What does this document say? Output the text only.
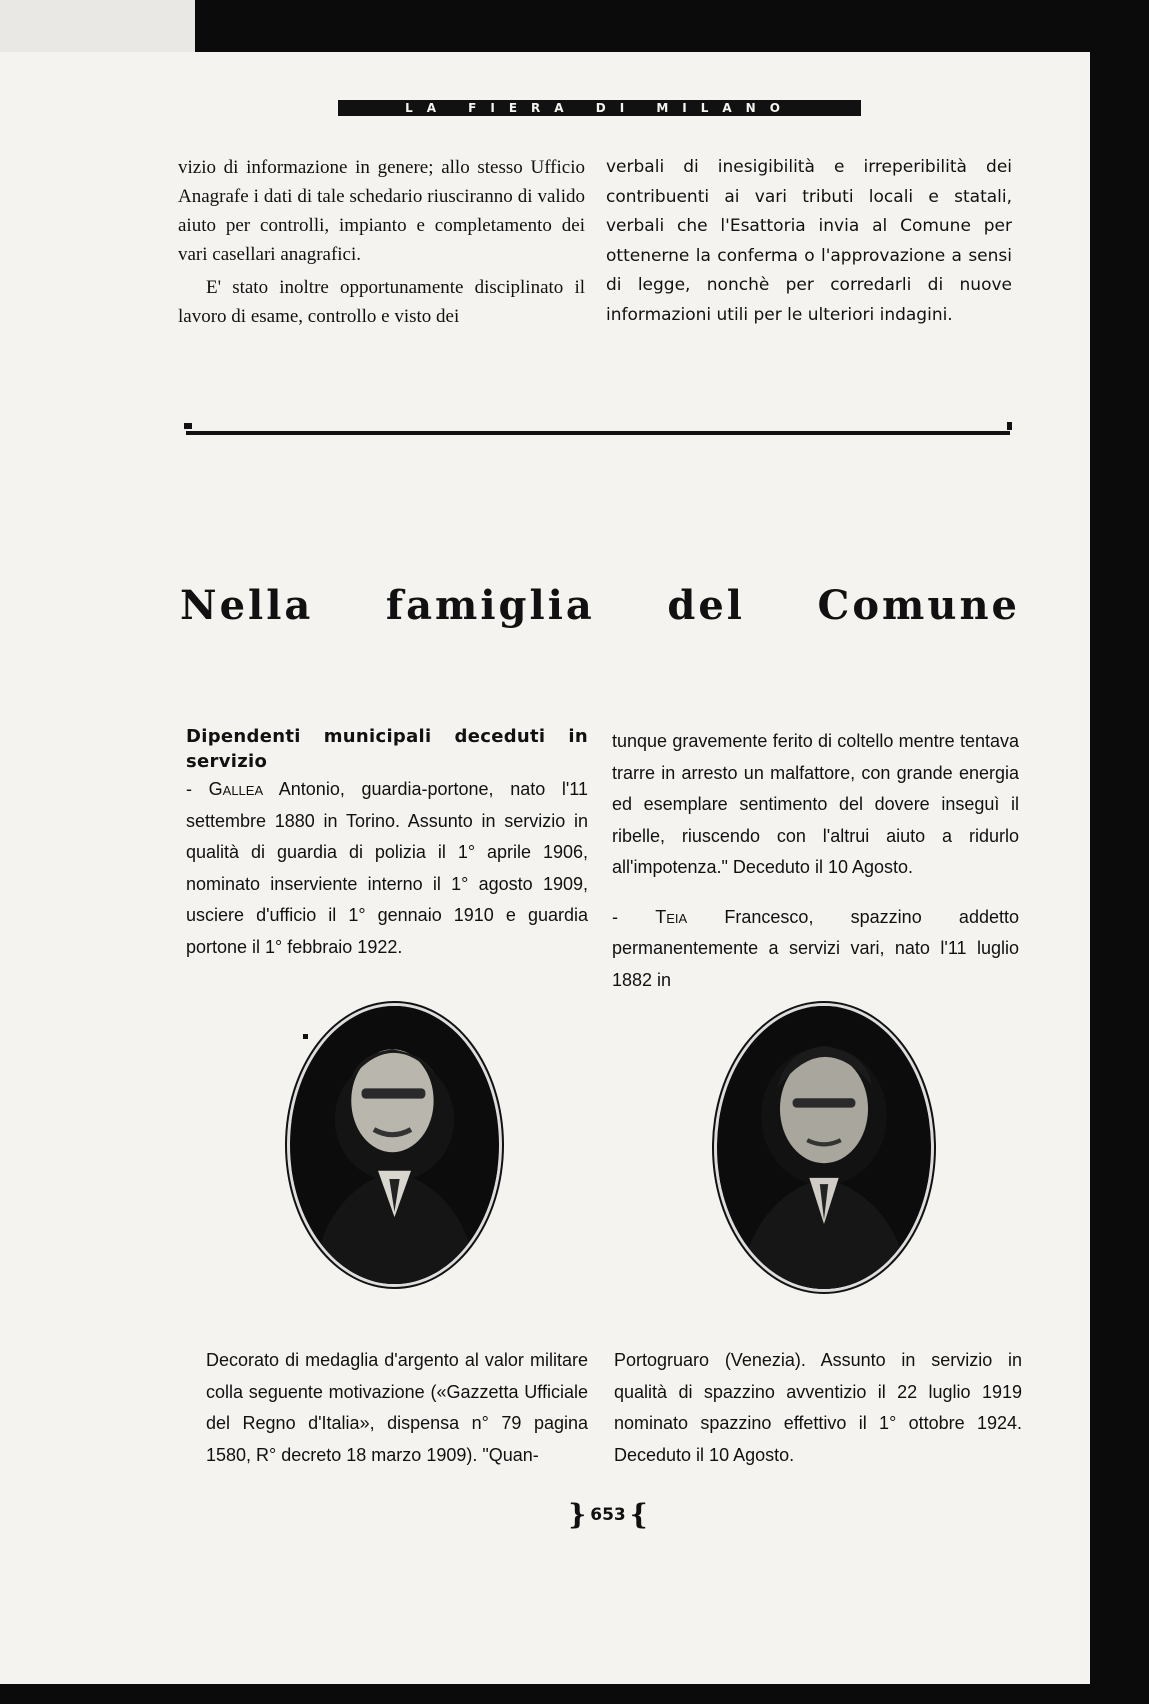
LA FIERA DI MILANO

vizio di informazione in genere; allo stesso Ufficio Anagrafe i dati di tale schedario riusciranno di valido aiuto per controlli, impianto e completamento dei vari casellari anagrafici.

E' stato inoltre opportunamente disciplinato il lavoro di esame, controllo e visto dei

verbali di inesigibilità e irreperibilità dei contribuenti ai vari tributi locali e statali, verbali che l'Esattoria invia al Comune per ottenerne la conferma o l'approvazione a sensi di legge, nonchè per corredarli di nuove informazioni utili per le ulteriori indagini.

Nella famiglia del Comune

Dipendenti municipali deceduti in servizio

- Gallea Antonio, guardia-portone, nato l'11 settembre 1880 in Torino. Assunto in servizio in qualità di guardia di polizia il 1° aprile 1906, nominato inserviente interno il 1° agosto 1909, usciere d'ufficio il 1° gennaio 1910 e guardia portone il 1° febbraio 1922.

tunque gravemente ferito di coltello mentre tentava trarre in arresto un malfattore, con grande energia ed esemplare sentimento del dovere inseguì il ribelle, riuscendo con l'altrui aiuto a ridurlo all'impotenza." Deceduto il 10 Agosto.

- Teia Francesco, spazzino addetto permanentemente a servizi vari, nato l'11 luglio 1882 in

Decorato di medaglia d'argento al valor militare colla seguente motivazione («Gazzetta Ufficiale del Regno d'Italia», dispensa n° 79 pagina 1580, R° decreto 18 marzo 1909). "Quan-

Portogruaro (Venezia). Assunto in servizio in qualità di spazzino avventizio il 22 luglio 1919 nominato spazzino effettivo il 1° ottobre 1924. Deceduto il 10 Agosto.

} 653 {
